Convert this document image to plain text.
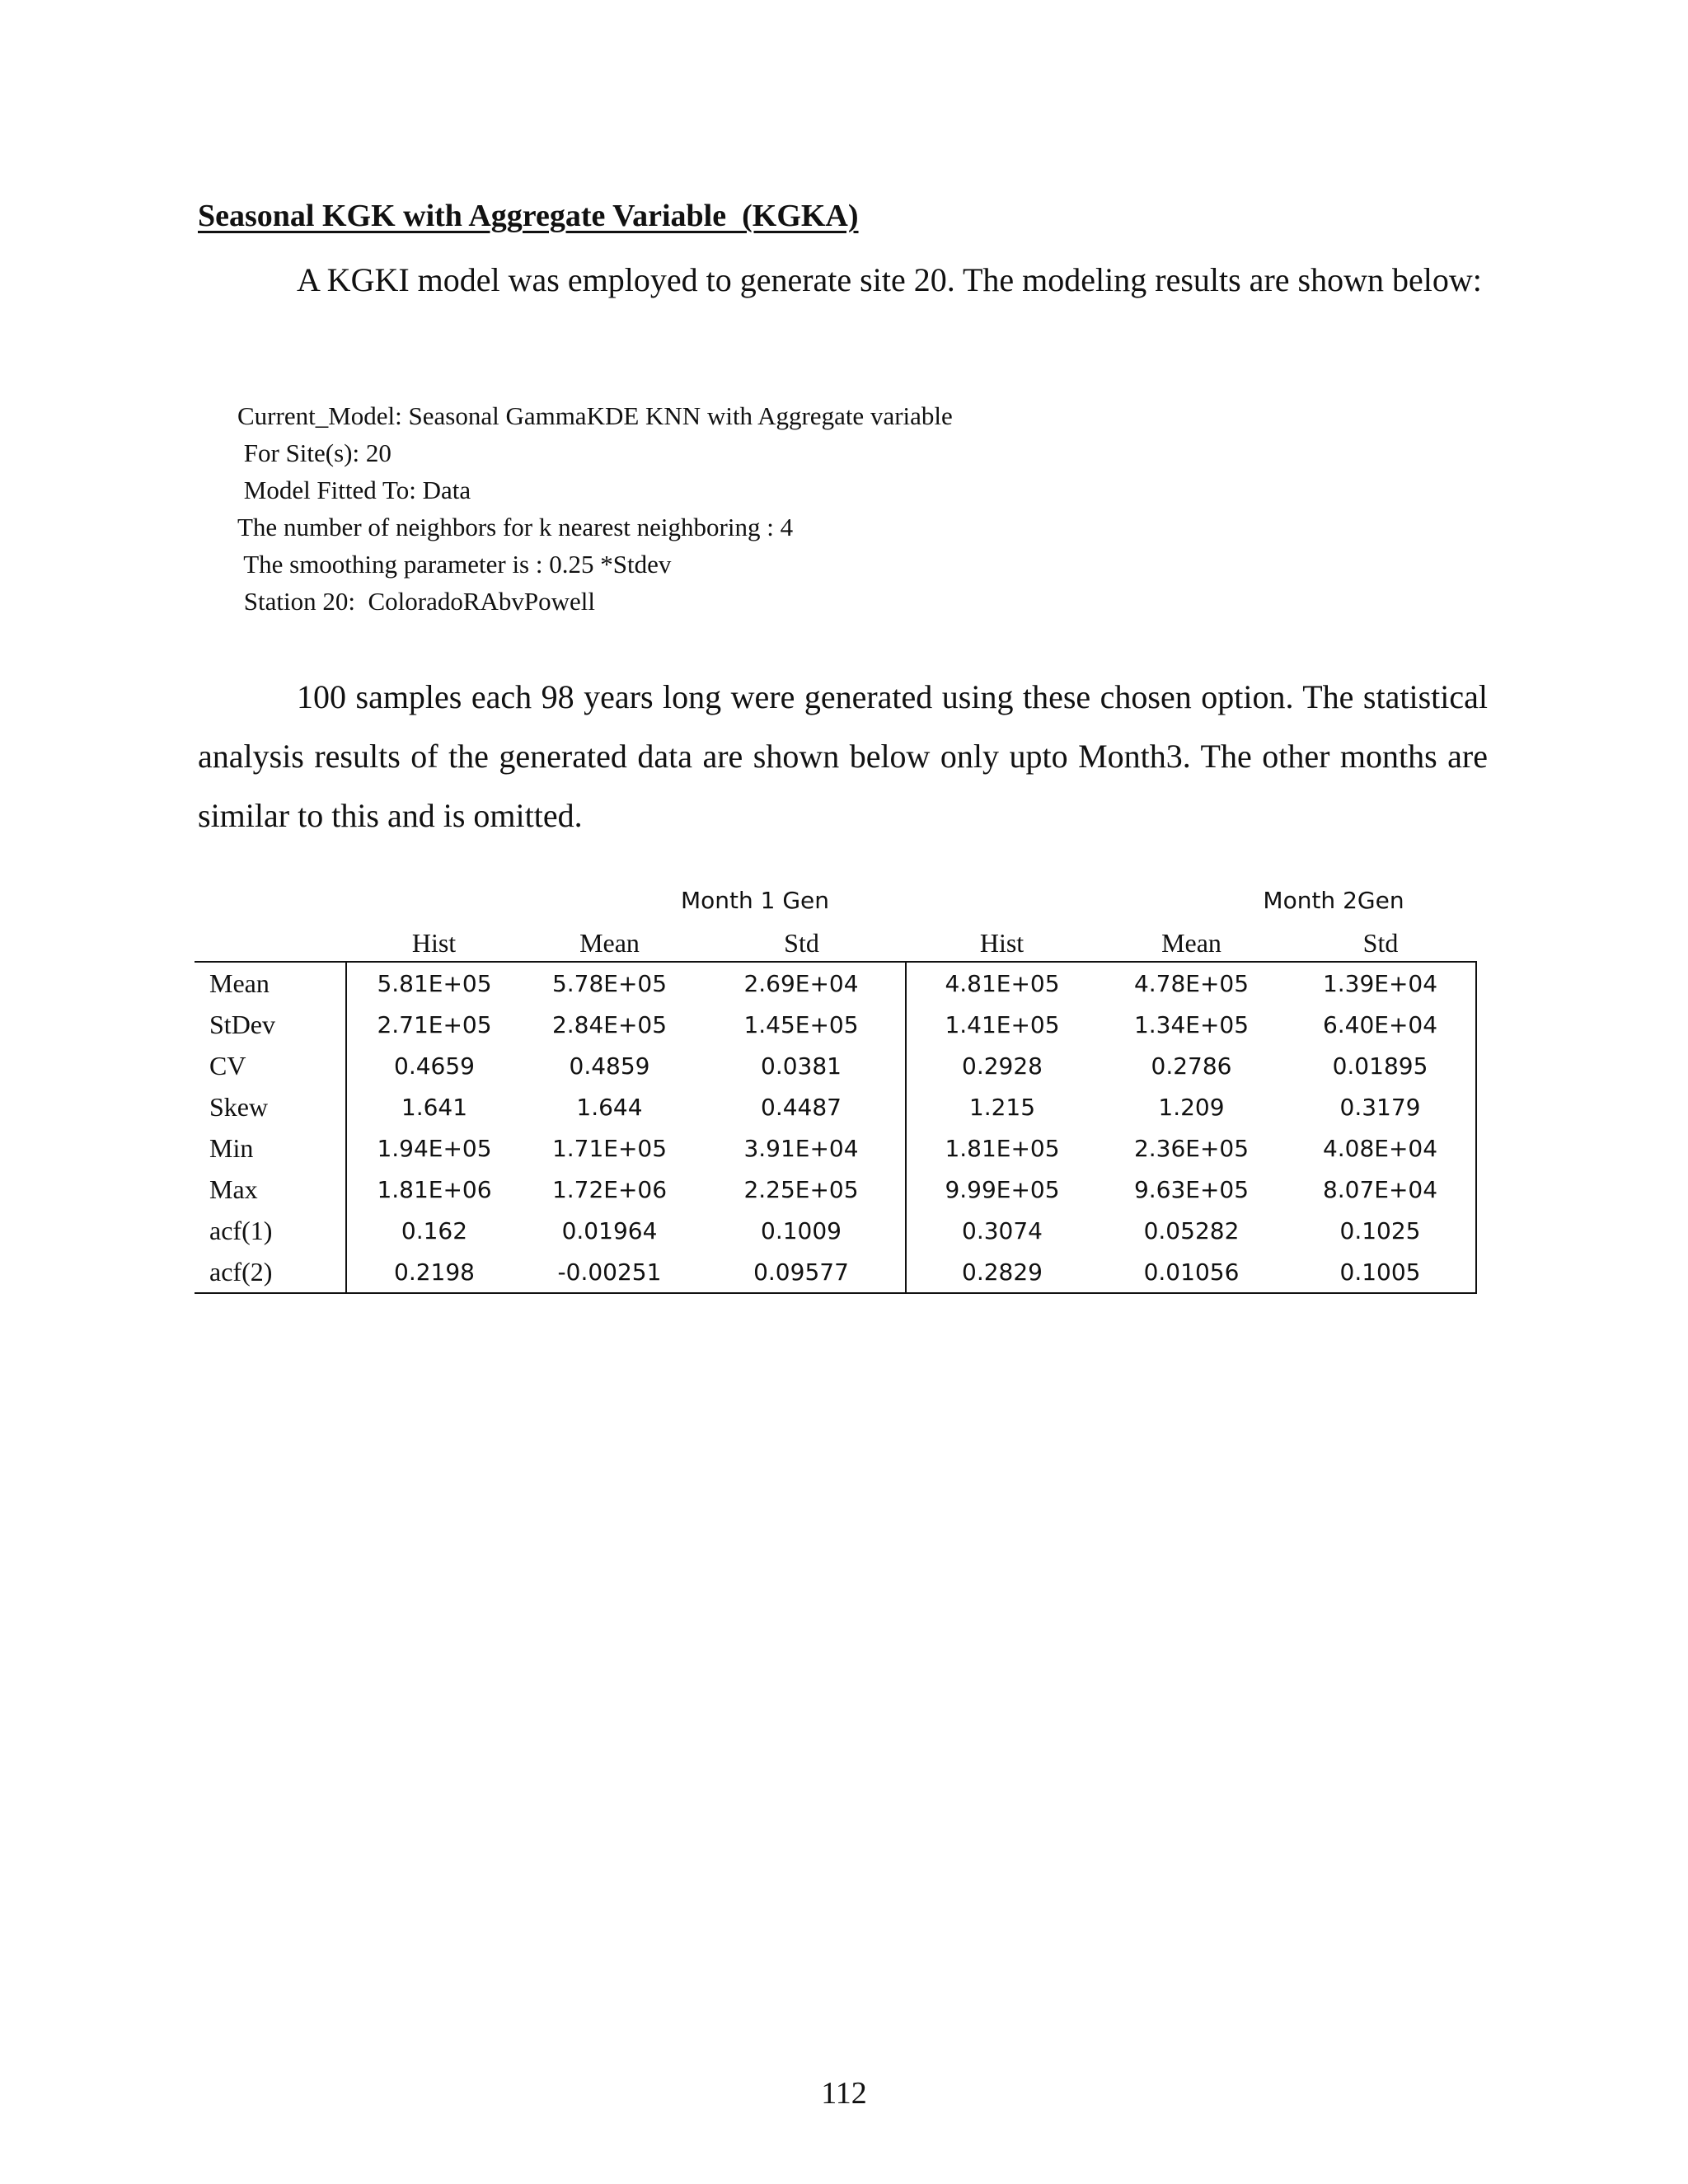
Seasonal KGK with Aggregate Variable  (KGKA)
A KGKI model was employed to generate site 20. The modeling results are shown below:
Current_Model: Seasonal GammaKDE KNN with Aggregate variable
For Site(s): 20
Model Fitted To: Data
The number of neighbors for k nearest neighboring : 4
The smoothing parameter is : 0.25 *Stdev
Station 20:  ColoradoRAbvPowell
100 samples each 98 years long were generated using these chosen option. The statistical analysis results of the generated data are shown below only upto Month3. The other months are similar to this and is omitted.
Month 1 Gen	Month 2Gen
	Hist	Mean	Std	Hist	Mean	Std
Mean	5.81E+05	5.78E+05	2.69E+04	4.81E+05	4.78E+05	1.39E+04
StDev	2.71E+05	2.84E+05	1.45E+05	1.41E+05	1.34E+05	6.40E+04
CV	0.4659	0.4859	0.0381	0.2928	0.2786	0.01895
Skew	1.641	1.644	0.4487	1.215	1.209	0.3179
Min	1.94E+05	1.71E+05	3.91E+04	1.81E+05	2.36E+05	4.08E+04
Max	1.81E+06	1.72E+06	2.25E+05	9.99E+05	9.63E+05	8.07E+04
acf(1)	0.162	0.01964	0.1009	0.3074	0.05282	0.1025
acf(2)	0.2198	-0.00251	0.09577	0.2829	0.01056	0.1005
112
